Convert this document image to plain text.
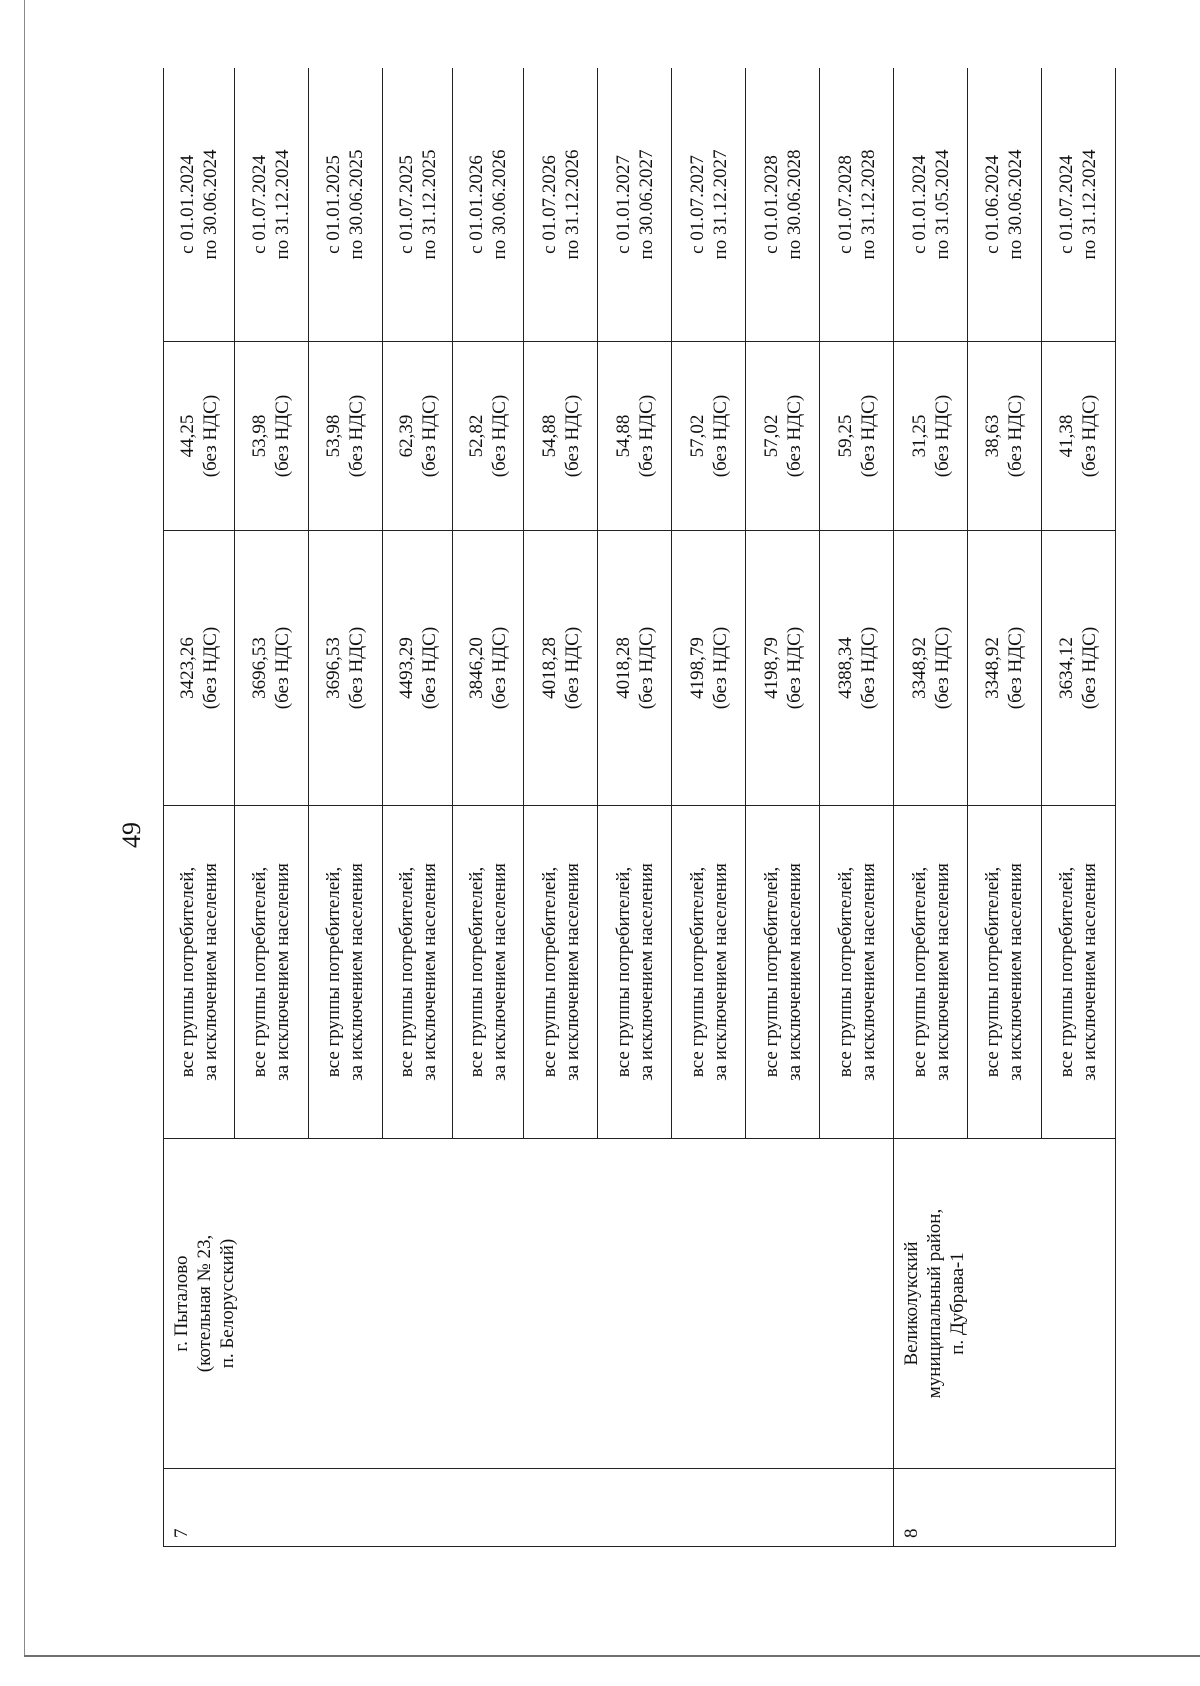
49
7	г. Пыталово (котельная № 23, п. Белорусский)	все группы потребителей, за исключением населения	3423,26 (без НДС)	44,25 (без НДС)	с 01.01.2024 по 30.06.2024

		все группы потребителей, за исключением населения	3696,53 (без НДС)	53,98 (без НДС)	с 01.07.2024 по 31.12.2024

		все группы потребителей, за исключением населения	3696,53 (без НДС)	53,98 (без НДС)	с 01.01.2025 по 30.06.2025

		все группы потребителей, за исключением населения	4493,29 (без НДС)	62,39 (без НДС)	с 01.07.2025 по 31.12.2025

		все группы потребителей, за исключением населения	3846,20 (без НДС)	52,82 (без НДС)	с 01.01.2026 по 30.06.2026

		все группы потребителей, за исключением населения	4018,28 (без НДС)	54,88 (без НДС)	с 01.07.2026 по 31.12.2026

		все группы потребителей, за исключением населения	4018,28 (без НДС)	54,88 (без НДС)	с 01.01.2027 по 30.06.2027

		все группы потребителей, за исключением населения	4198,79 (без НДС)	57,02 (без НДС)	с 01.07.2027 по 31.12.2027

		все группы потребителей, за исключением населения	4198,79 (без НДС)	57,02 (без НДС)	с 01.01.2028 по 30.06.2028

		все группы потребителей, за исключением населения	4388,34 (без НДС)	59,25 (без НДС)	с 01.07.2028 по 31.12.2028

8	Великолукский муниципальный район, п. Дубрава-1	все группы потребителей, за исключением населения	3348,92 (без НДС)	31,25 (без НДС)	с 01.01.2024 по 31.05.2024

		все группы потребителей, за исключением населения	3348,92 (без НДС)	38,63 (без НДС)	с 01.06.2024 по 30.06.2024

		все группы потребителей, за исключением населения	3634,12 (без НДС)	41,38 (без НДС)	с 01.07.2024 по 31.12.2024
